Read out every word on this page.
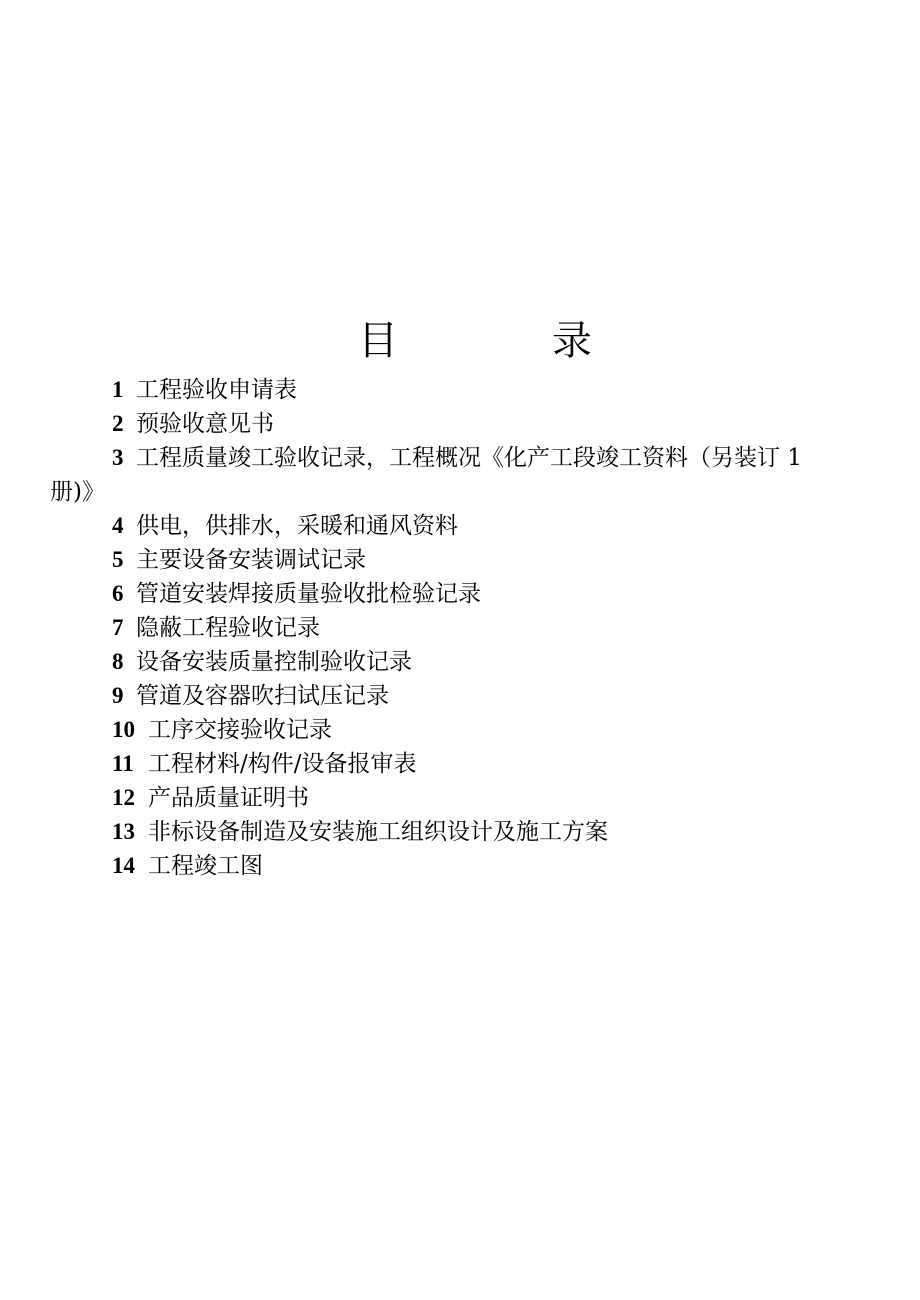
目	录
1 工程验收申请表
2 预验收意见书
3 工程质量竣工验收记录，工程概况《化产工段竣工资料（另装订 1
册)》
4 供电，供排水，采暖和通风资料
5 主要设备安装调试记录
6 管道安装焊接质量验收批检验记录
7 隐蔽工程验收记录
8 设备安装质量控制验收记录
9 管道及容器吹扫试压记录
10 工序交接验收记录
11 工程材料/构件/设备报审表
12 产品质量证明书
13 非标设备制造及安装施工组织设计及施工方案
14 工程竣工图
